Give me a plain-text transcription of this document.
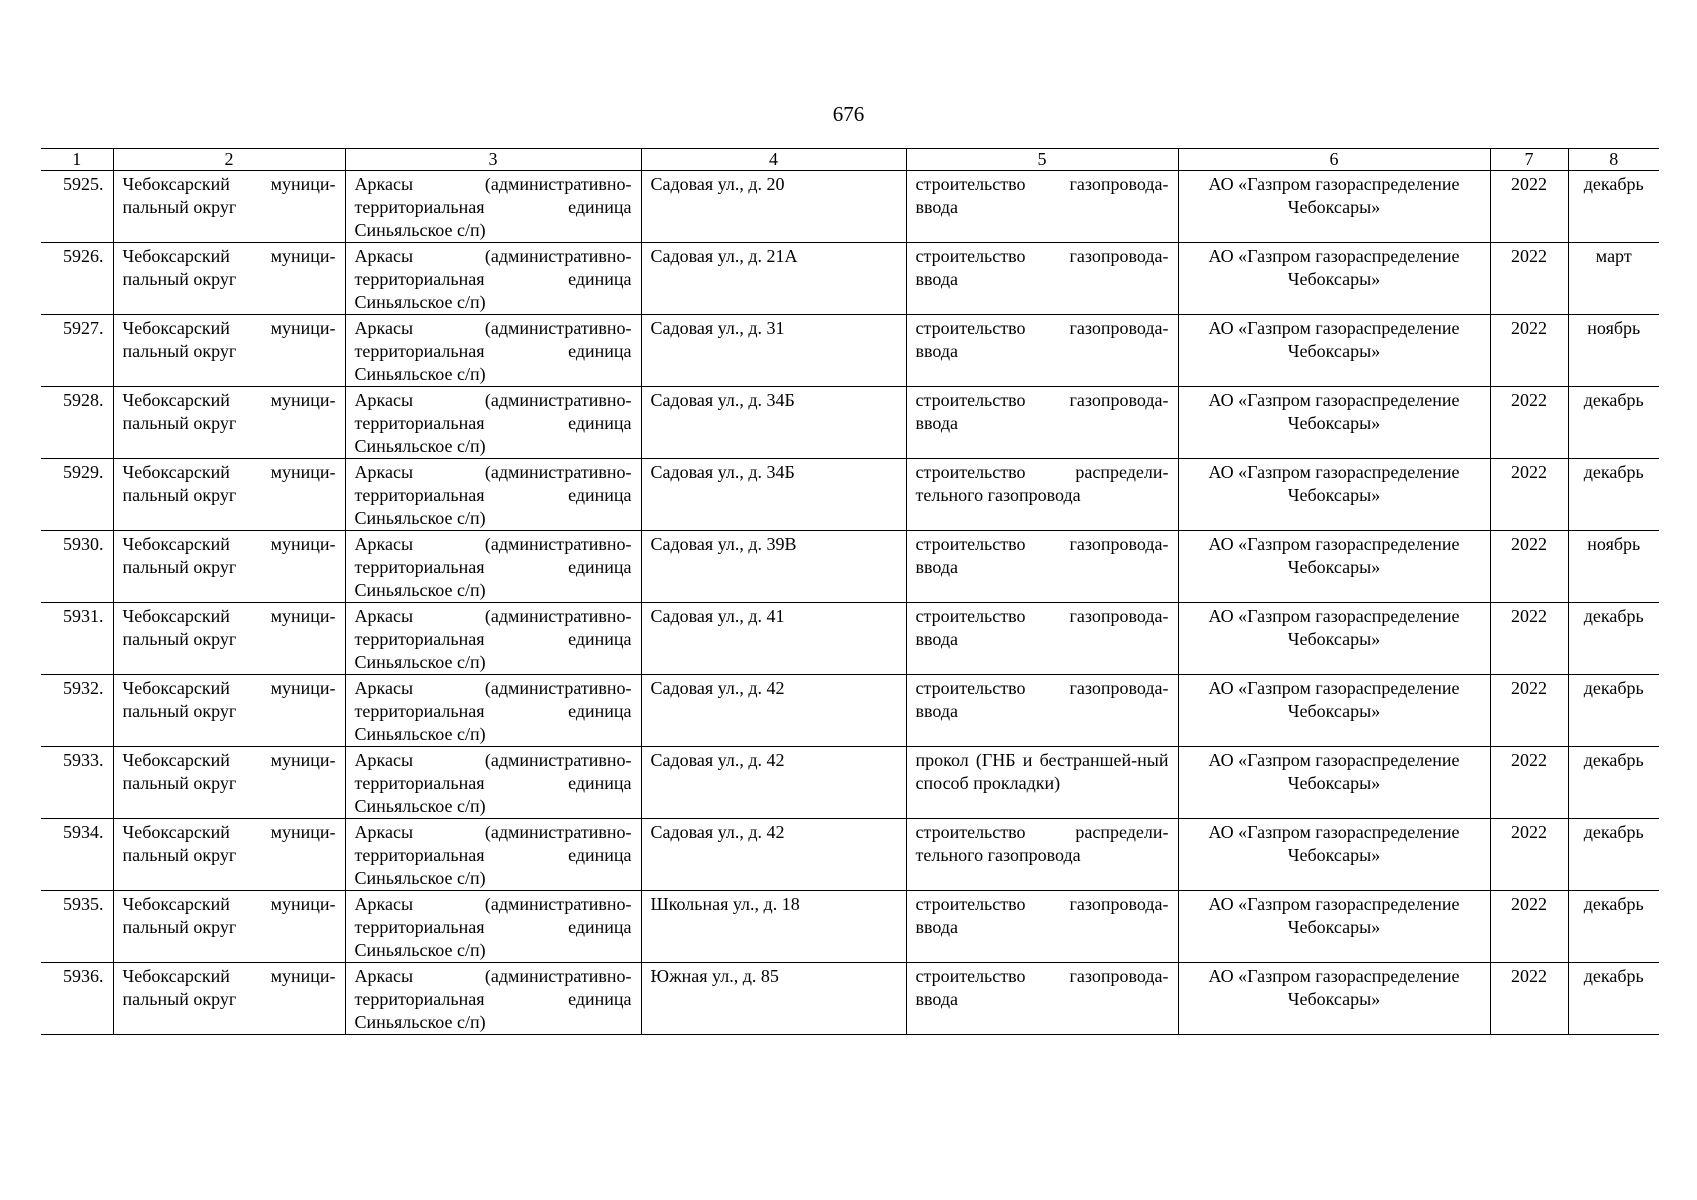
676
1	2	3	4	5	6	7	8
5925.	Чебоксарский муници-пальный округ	Аркасы (административно-территориальная единица Синьяльское с/п)	Садовая ул., д. 20	строительство газопровода-ввода	АО «Газпром газораспределение Чебоксары»	2022	декабрь
5926.	Чебоксарский муници-пальный округ	Аркасы (административно-территориальная единица Синьяльское с/п)	Садовая ул., д. 21А	строительство газопровода-ввода	АО «Газпром газораспределение Чебоксары»	2022	март
5927.	Чебоксарский муници-пальный округ	Аркасы (административно-территориальная единица Синьяльское с/п)	Садовая ул., д. 31	строительство газопровода-ввода	АО «Газпром газораспределение Чебоксары»	2022	ноябрь
5928.	Чебоксарский муници-пальный округ	Аркасы (административно-территориальная единица Синьяльское с/п)	Садовая ул., д. 34Б	строительство газопровода-ввода	АО «Газпром газораспределение Чебоксары»	2022	декабрь
5929.	Чебоксарский муници-пальный округ	Аркасы (административно-территориальная единица Синьяльское с/п)	Садовая ул., д. 34Б	строительство распредели-тельного газопровода	АО «Газпром газораспределение Чебоксары»	2022	декабрь
5930.	Чебоксарский муници-пальный округ	Аркасы (административно-территориальная единица Синьяльское с/п)	Садовая ул., д. 39В	строительство газопровода-ввода	АО «Газпром газораспределение Чебоксары»	2022	ноябрь
5931.	Чебоксарский муници-пальный округ	Аркасы (административно-территориальная единица Синьяльское с/п)	Садовая ул., д. 41	строительство газопровода-ввода	АО «Газпром газораспределение Чебоксары»	2022	декабрь
5932.	Чебоксарский муници-пальный округ	Аркасы (административно-территориальная единица Синьяльское с/п)	Садовая ул., д. 42	строительство газопровода-ввода	АО «Газпром газораспределение Чебоксары»	2022	декабрь
5933.	Чебоксарский муници-пальный округ	Аркасы (административно-территориальная единица Синьяльское с/п)	Садовая ул., д. 42	прокол (ГНБ и бестраншей-ный способ прокладки)	АО «Газпром газораспределение Чебоксары»	2022	декабрь
5934.	Чебоксарский муници-пальный округ	Аркасы (административно-территориальная единица Синьяльское с/п)	Садовая ул., д. 42	строительство распредели-тельного газопровода	АО «Газпром газораспределение Чебоксары»	2022	декабрь
5935.	Чебоксарский муници-пальный округ	Аркасы (административно-территориальная единица Синьяльское с/п)	Школьная ул., д. 18	строительство газопровода-ввода	АО «Газпром газораспределение Чебоксары»	2022	декабрь
5936.	Чебоксарский муници-пальный округ	Аркасы (административно-территориальная единица Синьяльское с/п)	Южная ул., д. 85	строительство газопровода-ввода	АО «Газпром газораспределение Чебоксары»	2022	декабрь
